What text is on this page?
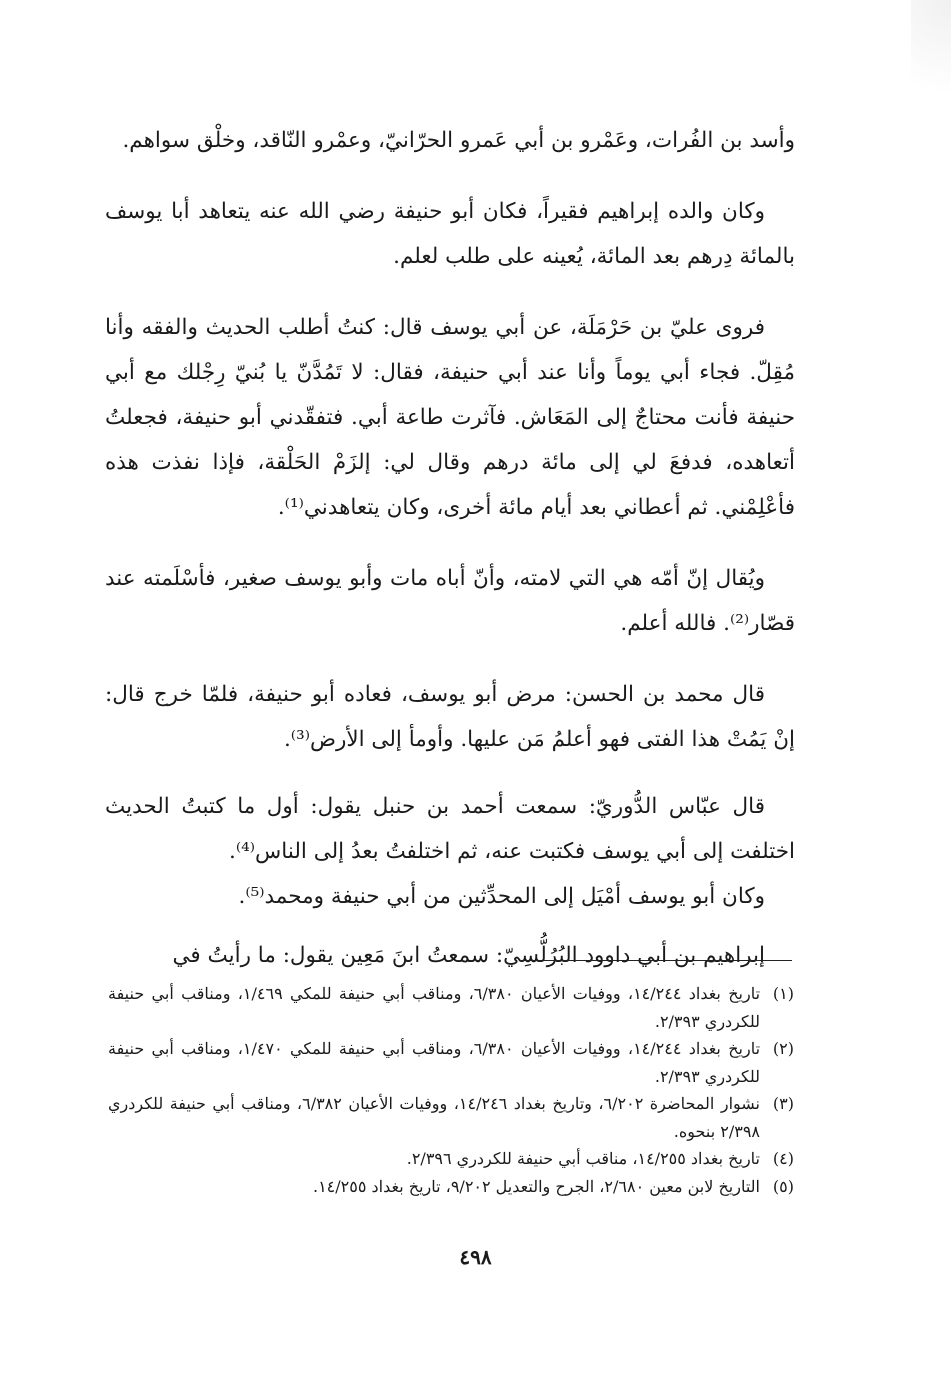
وأسد بن الفُرات، وعَمْرو بن أبي عَمرو الحرّانيّ، وعمْرو النّاقد، وخلْق سواهم.

وكان والده إبراهيم فقيراً، فكان أبو حنيفة رضي الله عنه يتعاهد أبا يوسف بالمائة دِرهم بعد المائة، يُعينه على طلب لعلم.

فروى عليّ بن حَرْمَلَة، عن أبي يوسف قال: كنتُ أطلب الحديث والفقه وأنا مُقِلّ. فجاء أبي يوماً وأنا عند أبي حنيفة، فقال: لا تَمُدَّنّ يا بُنيّ رِجْلك مع أبي حنيفة فأنت محتاجٌ إلى المَعَاش. فآثرت طاعة أبي. فتفقّدني أبو حنيفة، فجعلتُ أتعاهده، فدفعَ لي إلى مائة درهم وقال لي: إلزَمْ الحَلْقة، فإذا نفذت هذه فأعْلِمْني. ثم أعطاني بعد أيام مائة أخرى، وكان يتعاهدني⁽¹⁾.

ويُقال إنّ أمّه هي التي لامته، وأنّ أباه مات وأبو يوسف صغير، فأسْلَمته عند قصّار⁽²⁾. فالله أعلم.

قال محمد بن الحسن: مرض أبو يوسف، فعاده أبو حنيفة، فلمّا خرج قال: إنْ يَمُتْ هذا الفتى فهو أعلمُ مَن عليها. وأومأ إلى الأرض⁽³⁾.

قال عبّاس الدُّوريّ: سمعت أحمد بن حنبل يقول: أول ما كتبتُ الحديث اختلفت إلى أبي يوسف فكتبت عنه، ثم اختلفتُ بعدُ إلى الناس⁽⁴⁾.

وكان أبو يوسف أمْيَل إلى المحدِّثين من أبي حنيفة ومحمد⁽⁵⁾.

إبراهيم بن أبي داوود البُرُلُّسِيّ: سمعتُ ابنَ مَعِين يقول: ما رأيتُ في

(١)
تاريخ بغداد ١٤/٢٤٤، ووفيات الأعيان ٦/٣٨٠، ومناقب أبي حنيفة للمكي ١/٤٦٩، ومناقب أبي حنيفة للكردري ٢/٣٩٣.
(٢)
تاريخ بغداد ١٤/٢٤٤، ووفيات الأعيان ٦/٣٨٠، ومناقب أبي حنيفة للمكي ١/٤٧٠، ومناقب أبي حنيفة للكردري ٢/٣٩٣.
(٣)
نشوار المحاضرة ٦/٢٠٢، وتاريخ بغداد ١٤/٢٤٦، ووفيات الأعيان ٦/٣٨٢، ومناقب أبي حنيفة للكردري ٢/٣٩٨ بنحوه.
(٤)
تاريخ بغداد ١٤/٢٥٥، مناقب أبي حنيفة للكردري ٢/٣٩٦.
(٥)
التاريخ لابن معين ٢/٦٨٠، الجرح والتعديل ٩/٢٠٢، تاريخ بغداد ١٤/٢٥٥.
٤٩٨
